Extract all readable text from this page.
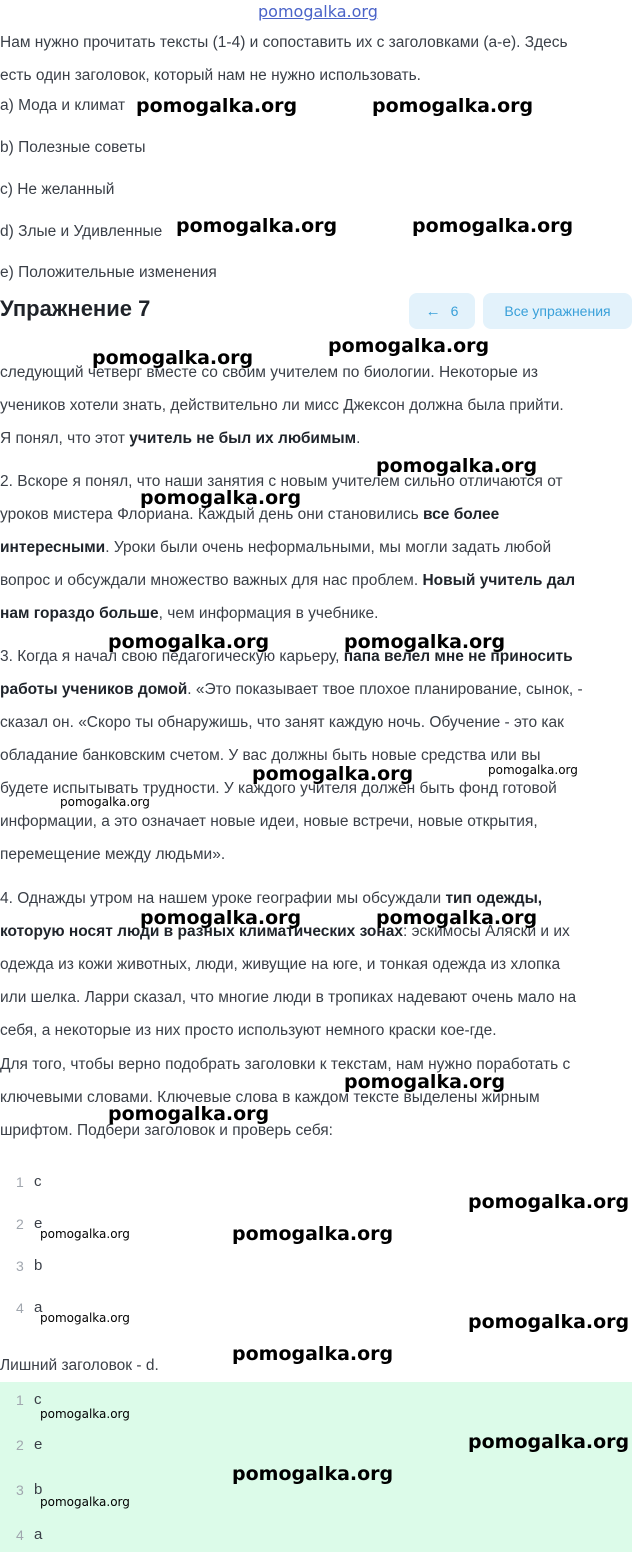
pomogalka.org
Нам нужно прочитать тексты (1-4) и сопоставить их с заголовками (a-e). Здесь
есть один заголовок, который нам не нужно использовать.
a) Мода и климат
b) Полезные советы
c) Не желанный
d) Злые и Удивленные
e) Положительные изменения
Упражнение 7	← 6	Все упражнения
следующий четверг вместе со своим учителем по биологии. Некоторые из
учеников хотели знать, действительно ли мисс Джексон должна была прийти.
Я понял, что этот учитель не был их любимым.
2. Вскоре я понял, что наши занятия с новым учителем сильно отличаются от
уроков мистера Флориана. Каждый день они становились все более
интересными. Уроки были очень неформальными, мы могли задать любой
вопрос и обсуждали множество важных для нас проблем. Новый учитель дал
нам гораздо больше, чем информация в учебнике.
3. Когда я начал свою педагогическую карьеру, папа велел мне не приносить
работы учеников домой. «Это показывает твое плохое планирование, сынок, -
сказал он. «Скоро ты обнаружишь, что занят каждую ночь. Обучение - это как
обладание банковским счетом. У вас должны быть новые средства или вы
будете испытывать трудности. У каждого учителя должен быть фонд готовой
информации, а это означает новые идеи, новые встречи, новые открытия,
перемещение между людьми».
4. Однажды утром на нашем уроке географии мы обсуждали тип одежды,
которую носят люди в разных климатических зонах: эскимосы Аляски и их
одежда из кожи животных, люди, живущие на юге, и тонкая одежда из хлопка
или шелка. Ларри сказал, что многие люди в тропиках надевают очень мало на
себя, а некоторые из них просто используют немного краски кое-где.
Для того, чтобы верно подобрать заголовки к текстам, нам нужно поработать с
ключевыми словами. Ключевые слова в каждом тексте выделены жирным
шрифтом. Подбери заголовок и проверь себя:
1 c
2 e
3 b
4 a
Лишний заголовок - d.
1 c
2 e
3 b
4 a
pomogalka.org	pomogalka.org
pomogalka.org	pomogalka.org
pomogalka.org
pomogalka.org
pomogalka.org
pomogalka.org
pomogalka.org	pomogalka.org
pomogalka.org	pomogalka.org
pomogalka.org
pomogalka.org	pomogalka.org
pomogalka.org
pomogalka.org
pomogalka.org
pomogalka.org	pomogalka.org
pomogalka.org
pomogalka.org
pomogalka.org
pomogalka.org
pomogalka.org
pomogalka.org
pomogalka.org
